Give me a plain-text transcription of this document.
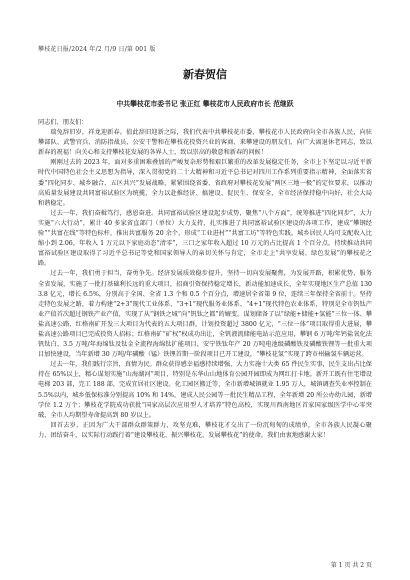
攀枝花日报/2024 年/2 月/9 日/第 001 版
新春贺信
中共攀枝花市委书记 张正红 攀枝花市人民政府市长 范继跃

同志们、朋友们：

瑞兔辞旧岁，祥龙迎新春。值此辞旧迎新之际，我们代表中共攀枝花市委、攀枝花市人民政府向全市各族人民，向驻攀部队、武警官兵、消防指战员、公安干警和在攀枝花投资兴业的客商、来攀建设的朋友们，向广大离退休老同志，致以新春的祝福！向关心和支持攀枝花发展的各界人士，致以崇高的敬意和新春的问候！

刚刚过去的 2023 年，面对多重困难叠加的严峻复杂形势和艰巨繁重的改革发展稳定任务，全市上下坚定以习近平新时代中国特色社会主义思想为指导，深入贯彻党的二十大精神和习近平总书记对四川工作系列重要指示精神，全面落实省委“四化同步、城乡融合、五区共兴”发展战略，紧紧围绕省委、省政府对攀枝花发展“两区三地一极”的定位要求，以推动高质量发展建设共同富裕试验区为统揽，全力以赴推经济、搞建设、促民生、保安全，全市经济保持稳中向好，社会大局和谐稳定。

过去一年，我们奋楫笃行，感恩奋进。共同富裕试验区建设起步成势，聚焦“八个方面”，统筹推进“四化同步”，大力实施“六大行动”，累计 40 多家省直部门（单位）大力支持，扎实推进了共同富裕试验区建设的各项工作，建成“攀钢经验”“共富在线”等特色标杆，推出共富服务 20 余个，形成“工业进村”“共富工坊”等特色实践。城乡居民人均可支配收入比缩小到 2.06，年收入 1 万元以下家庭动态“清零”，三口之家年收入超过 10 万元的占比提高 1 个百分点，持续推动共同富裕试验区建设取得了习近平总书记等党和国家领导人的亲切关怀与肯定，全市走上“共享发展、绿色发展”的攀枝花之路。

过去一年，我们勇于担当，奋勇争先。经济发展质效稳步提升，坚持一切向发展聚焦，为发展开路，积累优势，服务全省发展，实施了一批打基础利长远的重大项目，招商引资保持稳定增长，新动能加速成长，全年实现地区生产总值 1303.8 亿元，增长 6.5%，分别高于全国、全省 1.3 个和 0.5 个百分点，增速居全省第 9 位，连续三年保持全省前十。坚持走特色发展之路，着力构建“2+3”现代工业体系、“3+1”现代服务业体系、“4+1”现代特色农业体系，特别是全市钒钛产业产值首次超过钢铁产业产值，实现了从“钢铁之城”向“钒钛之都”的嬗变。谋划储备了以“绿能+储能+氢能”三位一体、攀盐高速公路、红格南矿开发三大项目为代表的五大项目群，计划投资超过 3800 亿元，“三位一体”项目取得重大进展，攀盐高速公路项目已完成投资人招标；红格南矿“矿权”权成功出让，全钒液流储能电站示范应用，攀钢 6 万吨/年钙盐氧化法钒钛白、3.5 万吨/年海绵钛及钛金全流程海绵钛扩能项目、安宁铁钛年产 20 万吨电池级磷酸铁及磷酸铁锂等一批重大项目加快建设，当年新增 30 万吨/年磷酸（锰）铁锂首期一阶段项目已开工建设，“攀枝花氢”实现了跨市州输氢车辆运营。

过去一年，我们践行宗旨，真情为民。群众获得感幸福感持续增强，大力实施十大类 65 件民生实事，民生支出占比保持在 65%以上，精心谋划实施“山海湖河”项目，特别是东华山山地体育公园开园即成为网红打卡地。新开工既有住宅增设电梯 203 部，完工 188 部，完成宜居社区建设、化工园区搬迁等，全市新增城镇就业 1.95 万人，城镇调查失业率控制在 5.5%以内，城乡低保标准分别提高 10% 和 14%，建成人民公园等一批民生精品工程，全年新增 20 所公办幼儿园，新增学位 1.2 万个；攀枝花学院成功获批“国家高层次应用型人才培养”特色高校，实现川西南地区首家国家级医学中心零突破，全市人均期望寿命提高到 80 岁以上。

回首去岁，正因为广大干部群众群策群力、攻坚克难，攀枝花才交出了一份沉甸甸的成绩单，全市各族人民凝心聚力、团结奋斗，以实际行动践行着“建设攀枝花、振兴攀枝花、发展攀枝花”的使命。我们由衷地感谢大家！

第 1 页 共 2 页
